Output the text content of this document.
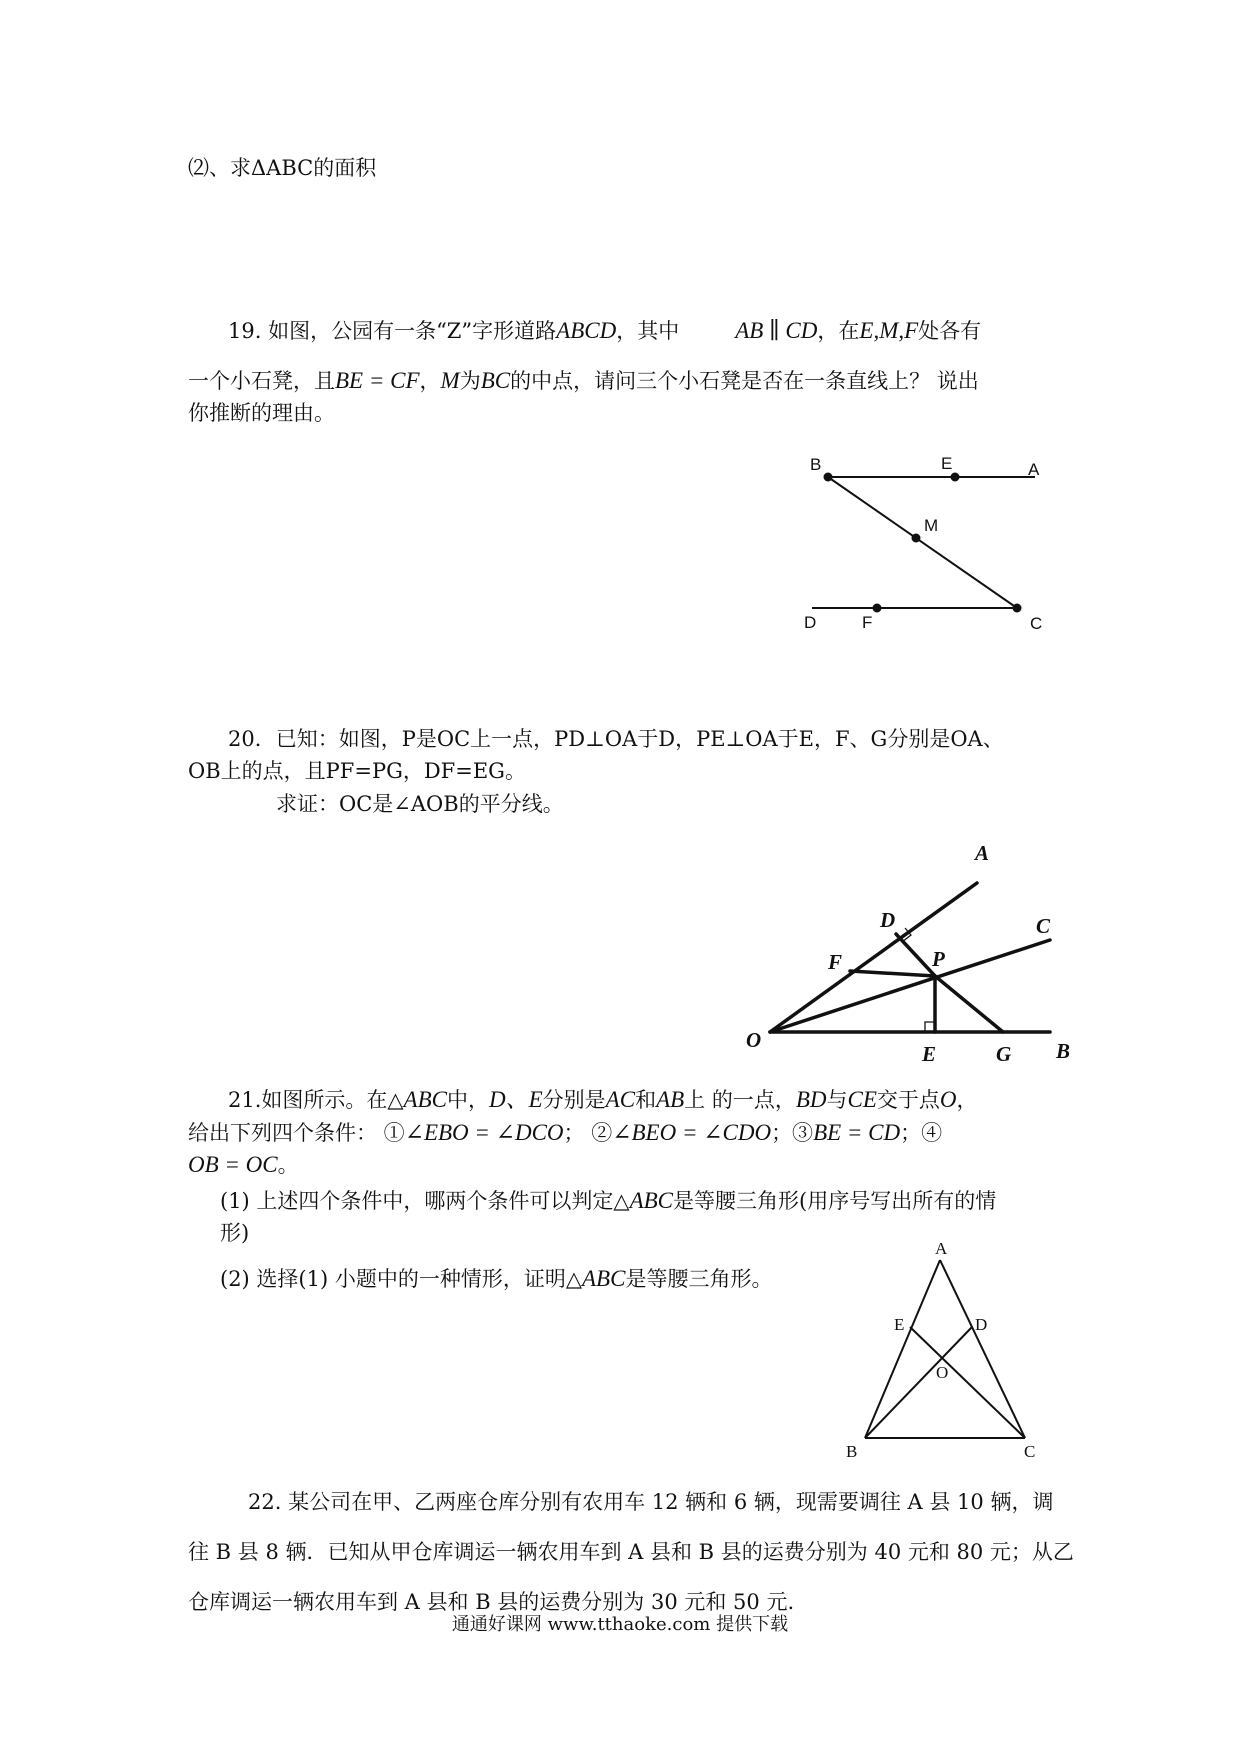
⑵、求ΔABC的面积
19. 如图，公园有一条“Z”字形道路ABCD，其中 AB ∥ CD，在E,M,F处各有
一个小石凳，且BE = CF，M为BC的中点，请问三个小石凳是否在一条直线上？ 说出
你推断的理由。
B	E	A
M
D	F	C
20．已知：如图，P是OC上一点，PD⊥OA于D，PE⊥OA于E，F、G分别是OA、
OB上的点，且PF=PG，DF=EG。
求证：OC是∠AOB的平分线。
A
D	C
F	P
O
E	G B
21.如图所示。在△ABC中，D、E分别是AC和AB上 的一点，BD与CE交于点O，
给出下列四个条件： ①∠EBO = ∠DCO； ②∠BEO = ∠CDO；③BE = CD；④
OB = OC。
(1) 上述四个条件中，哪两个条件可以判定△ABC是等腰三角形(用序号写出所有的情
形)
(2) 选择(1) 小题中的一种情形，证明△ABC是等腰三角形。
A
E	D
O
B	C
22. 某公司在甲、乙两座仓库分别有农用车 12 辆和 6 辆，现需要调往 A 县 10 辆，调
往 B 县 8 辆．已知从甲仓库调运一辆农用车到 A 县和 B 县的运费分别为 40 元和 80 元；从乙
仓库调运一辆农用车到 A 县和 B 县的运费分别为 30 元和 50 元.
通通好课网 www.tthaoke.com 提供下载
